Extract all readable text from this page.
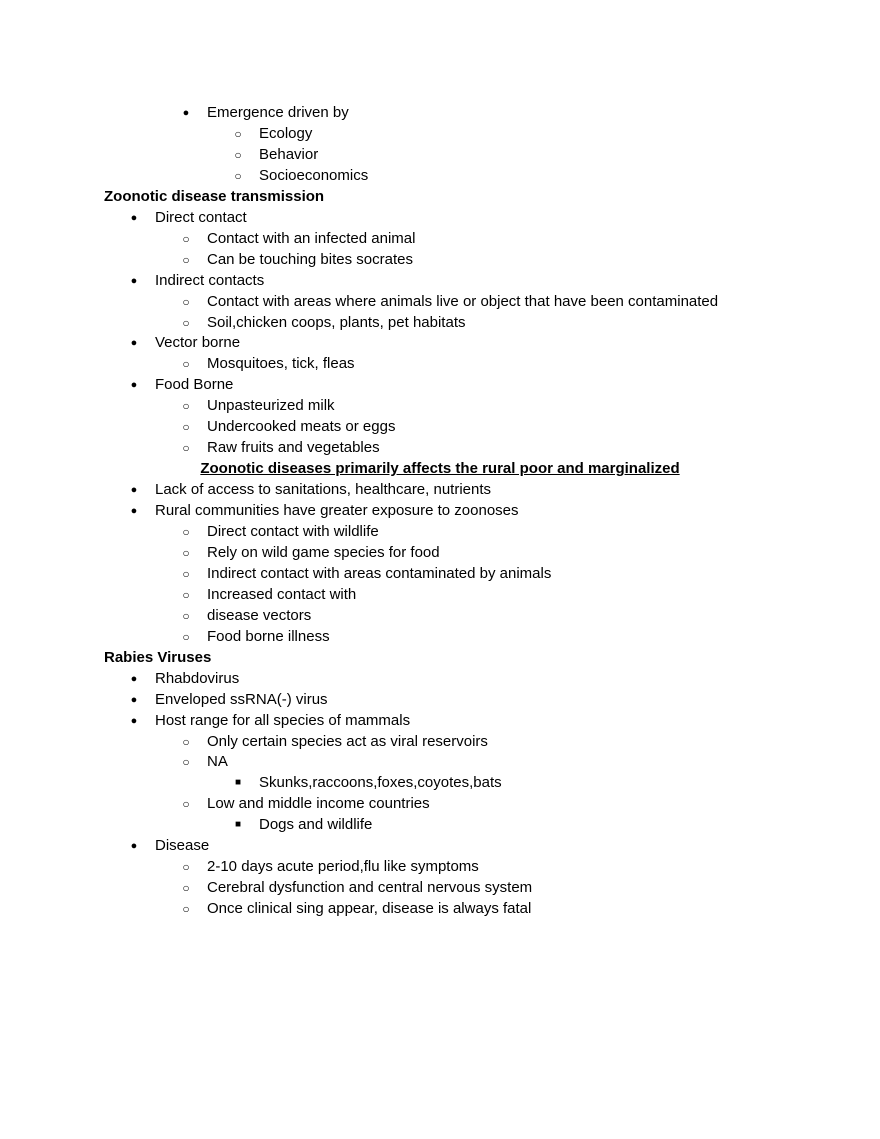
●	Emergence driven by
○ Ecology
○ Behavior
○ Socioeconomics
Zoonotic disease transmission
●	Direct contact
○ Contact with an infected animal
○ Can be touching bites socrates
●	Indirect contacts
○ Contact with areas where animals live or object that have been contaminated
○ Soil,chicken coops, plants, pet habitats
●	Vector borne
○ Mosquitoes, tick, fleas
●	Food Borne
○ Unpasteurized milk
○ Undercooked meats or eggs
○ Raw fruits and vegetables
Zoonotic diseases primarily affects the rural poor and marginalized
●	Lack of access to sanitations, healthcare, nutrients
●	Rural communities have greater exposure to zoonoses
○ Direct contact with wildlife
○ Rely on wild game species for food
○ Indirect contact with areas contaminated by animals
○ Increased contact with
○ disease vectors
○ Food borne illness
Rabies Viruses
●	Rhabdovirus
●	Enveloped ssRNA(-) virus
●	Host range for all species of mammals
○ Only certain species act as viral reservoirs
○ NA
■	Skunks,raccoons,foxes,coyotes,bats
○ Low and middle income countries
■	Dogs and wildlife
●	Disease
○ 2-10 days acute period,flu like symptoms
○ Cerebral dysfunction and central nervous system
○ Once clinical sing appear, disease is always fatal
